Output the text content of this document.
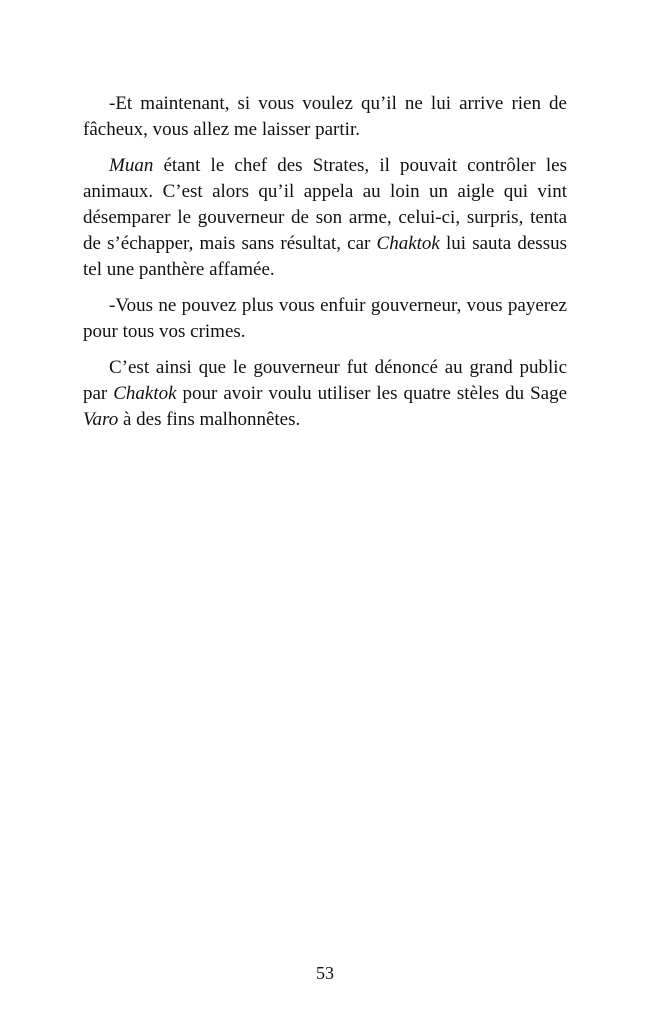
-Et maintenant, si vous voulez qu’il ne lui arrive rien de fâcheux, vous allez me laisser partir.

Muan étant le chef des Strates, il pouvait contrôler les animaux. C’est alors qu’il appela au loin un aigle qui vint désemparer le gouverneur de son arme, celui-ci, surpris, tenta de s’échapper, mais sans résultat, car Chaktok lui sauta dessus tel une panthère affamée.

-Vous ne pouvez plus vous enfuir gouverneur, vous payerez pour tous vos crimes.

C’est ainsi que le gouverneur fut dénoncé au grand public par Chaktok pour avoir voulu utiliser les quatre stèles du Sage Varo à des fins malhonnêtes.

53
